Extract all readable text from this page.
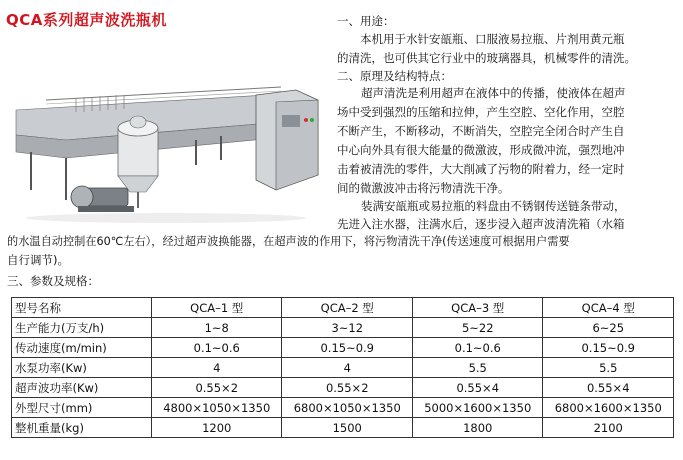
QCA系列超声波洗瓶机	一、用途：
本机用于水针安瓿瓶、口服液易拉瓶、片剂用黄元瓶
的清洗，也可供其它行业中的玻璃器具，机械零件的清洗。
二、原理及结构特点：
超声清洗是利用超声在液体中的传播，使液体在超声
场中受到强烈的压缩和拉伸，产生空腔、空化作用，空腔
不断产生，不断移动，不断消失，空腔完全闭合时产生自
中心向外具有很大能量的微激波，形成微冲流，强烈地冲
击着被清洗的零件，大大削减了污物的附着力，经一定时
间的微激波冲击将污物清洗干净。
装满安瓿瓶或易拉瓶的料盘由不锈钢传送链条带动，
先进入注水器，注满水后，逐步浸入超声波清洗箱（水箱
的水温自动控制在60℃左右），经过超声波换能器，在超声波的作用下，将污物清洗干净(传送速度可根据用户需要
自行调节)。
三、参数及规格：
型号名称	QCA–1 型	QCA–2 型	QCA–3 型	QCA–4 型
生产能力(万支/h)	1~8	3~12	5~22	6~25
传动速度(m/min)	0.1~0.6	0.15~0.9	0.1~0.6	0.15~0.9
水泵功率(Kw)	4	4	5.5	5.5
超声波功率(Kw)	0.55×2	0.55×2	0.55×4	0.55×4
外型尺寸(mm)	4800×1050×1350	6800×1050×1350	5000×1600×1350	6800×1600×1350
整机重量(kg)	1200	1500	1800	2100
